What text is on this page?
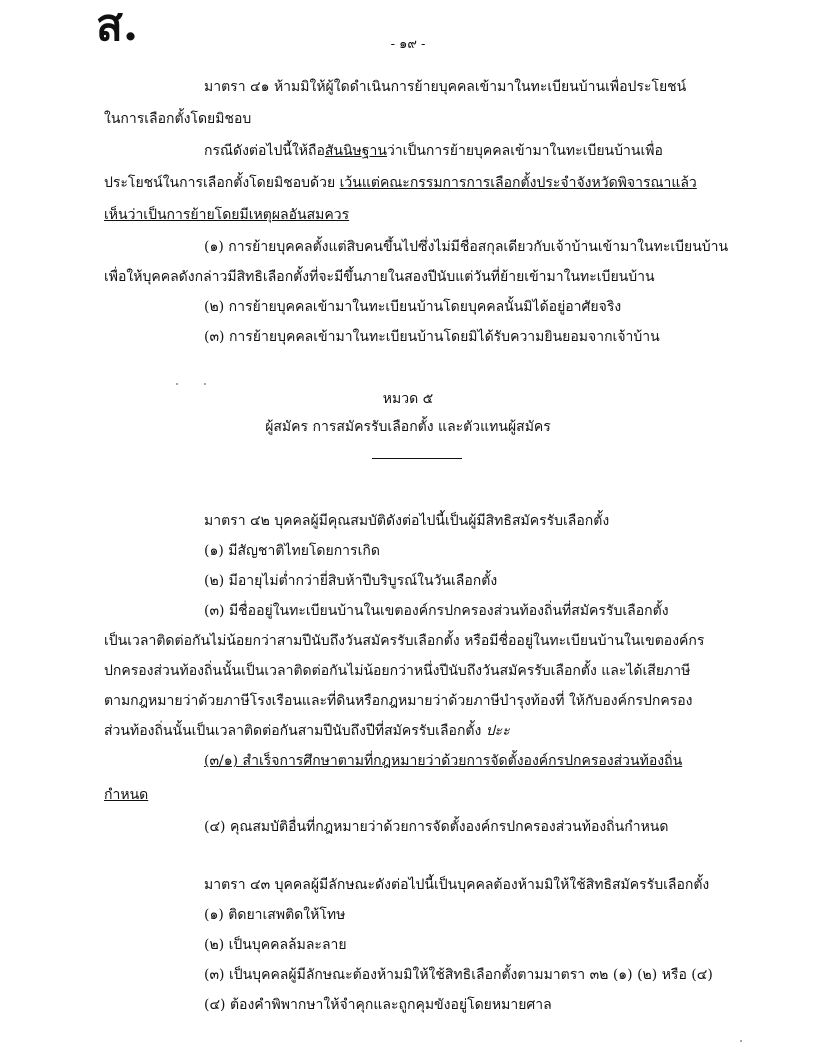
ส.	- ๑๙ -
มาตรา ๔๑ ห้ามมิให้ผู้ใดดำเนินการย้ายบุคคลเข้ามาในทะเบียนบ้านเพื่อประโยชน์
ในการเลือกตั้งโดยมิชอบ
กรณีดังต่อไปนี้ให้ถือสันนิษฐานว่าเป็นการย้ายบุคคลเข้ามาในทะเบียนบ้านเพื่อ
ประโยชน์ในการเลือกตั้งโดยมิชอบด้วย เว้นแต่คณะกรรมการการเลือกตั้งประจำจังหวัดพิจารณาแล้ว
เห็นว่าเป็นการย้ายโดยมีเหตุผลอันสมควร
(๑) การย้ายบุคคลตั้งแต่สิบคนขึ้นไปซึ่งไม่มีชื่อสกุลเดียวกับเจ้าบ้านเข้ามาในทะเบียนบ้าน
เพื่อให้บุคคลดังกล่าวมีสิทธิเลือกตั้งที่จะมีขึ้นภายในสองปีนับแต่วันที่ย้ายเข้ามาในทะเบียนบ้าน
(๒) การย้ายบุคคลเข้ามาในทะเบียนบ้านโดยบุคคลนั้นมิได้อยู่อาศัยจริง
(๓) การย้ายบุคคลเข้ามาในทะเบียนบ้านโดยมิได้รับความยินยอมจากเจ้าบ้าน
หมวด ๕
ผู้สมัคร การสมัครรับเลือกตั้ง และตัวแทนผู้สมัคร
มาตรา ๔๒ บุคคลผู้มีคุณสมบัติดังต่อไปนี้เป็นผู้มีสิทธิสมัครรับเลือกตั้ง
(๑) มีสัญชาติไทยโดยการเกิด
(๒) มีอายุไม่ต่ำกว่ายี่สิบห้าปีบริบูรณ์ในวันเลือกตั้ง
(๓) มีชื่ออยู่ในทะเบียนบ้านในเขตองค์กรปกครองส่วนท้องถิ่นที่สมัครรับเลือกตั้ง
เป็นเวลาติดต่อกันไม่น้อยกว่าสามปีนับถึงวันสมัครรับเลือกตั้ง หรือมีชื่ออยู่ในทะเบียนบ้านในเขตองค์กร
ปกครองส่วนท้องถิ่นนั้นเป็นเวลาติดต่อกันไม่น้อยกว่าหนึ่งปีนับถึงวันสมัครรับเลือกตั้ง และได้เสียภาษี
ตามกฎหมายว่าด้วยภาษีโรงเรือนและที่ดินหรือกฎหมายว่าด้วยภาษีบำรุงท้องที่ ให้กับองค์กรปกครอง
ส่วนท้องถิ่นนั้นเป็นเวลาติดต่อกันสามปีนับถึงปีที่สมัครรับเลือกตั้ง ปะะ
(๓/๑) สำเร็จการศึกษาตามที่กฎหมายว่าด้วยการจัดตั้งองค์กรปกครองส่วนท้องถิ่น
กำหนด
(๔) คุณสมบัติอื่นที่กฎหมายว่าด้วยการจัดตั้งองค์กรปกครองส่วนท้องถิ่นกำหนด
มาตรา ๔๓ บุคคลผู้มีลักษณะดังต่อไปนี้เป็นบุคคลต้องห้ามมิให้ใช้สิทธิสมัครรับเลือกตั้ง
(๑) ติดยาเสพติดให้โทษ
(๒) เป็นบุคคลล้มละลาย
(๓) เป็นบุคคลผู้มีลักษณะต้องห้ามมิให้ใช้สิทธิเลือกตั้งตามมาตรา ๓๒ (๑) (๒) หรือ (๔)
(๔) ต้องคำพิพากษาให้จำคุกและถูกคุมขังอยู่โดยหมายศาล
